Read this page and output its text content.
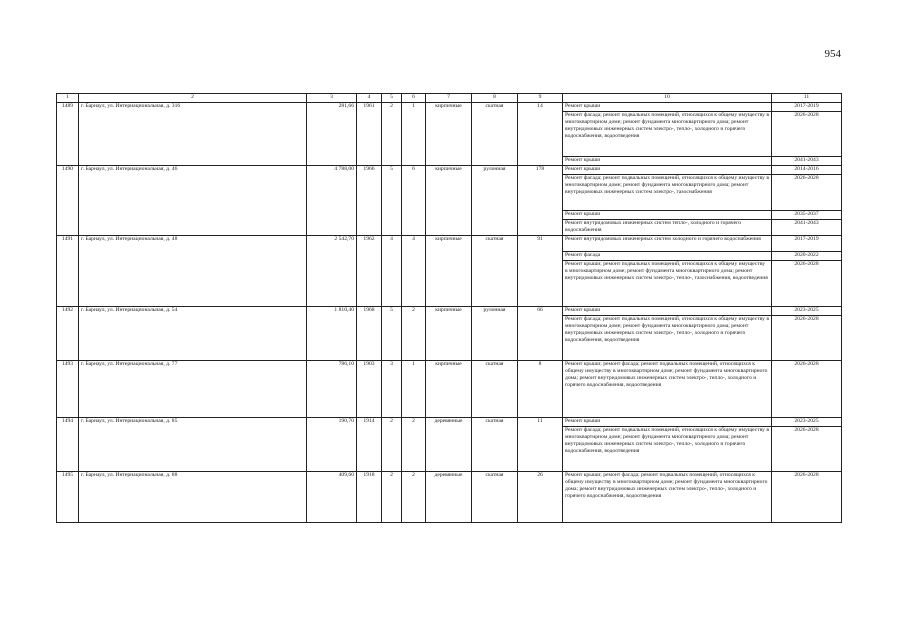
954
1	2	3	4	5	6	7	8	9	10	11
1489	г. Барнаул, ул. Интернациональная, д. 316	281,66	1961	2	1	кирпичные	скатная	14	Ремонт крыши	2017-2019
									Ремонт фасада; ремонт подвальных помещений, относящихся к общему имуществу в многоквартирном доме; ремонт фундамента многоквартирного дома; ремонт внутридомовых инженерных систем электро-, тепло-, холодного и горячего водоснабжения, водоотведения	2026-2028
									Ремонт крыши	2041-2043
1490	г. Барнаул, ул. Интернациональная, д. 46	4 788,00	1966	5	6	кирпичные	рулонная	178	Ремонт крыши	2014-2016
									Ремонт фасада; ремонт подвальных помещений, относящихся к общему имуществу в многоквартирном доме; ремонт фундамента многоквартирного дома; ремонт внутридомовых инженерных систем электро-, газоснабжения	2026-2028
									Ремонт крыши	2035-2037
									Ремонт внутридомовых инженерных систем тепло-, холодного и горячего водоснабжения	2041-2043
1491	г. Барнаул, ул. Интернациональная, д. 48	2 542,70	1962	4	4	кирпичные	скатная	91	Ремонт внутридомовых инженерных систем холодного и горячего водоснабжения	2017-2019
									Ремонт фасада	2020-2022
									Ремонт крыши; ремонт подвальных помещений, относящихся к общему имуществу в многоквартирном доме; ремонт фундамента многоквартирного дома; ремонт внутридомовых инженерных систем электро-, тепло-, газоснабжения, водоотведения	2026-2028
1492	г. Барнаул, ул. Интернациональная, д. 54	1 810,40	1968	5	2	кирпичные	рулонная	66	Ремонт крыши	2023-2025
									Ремонт фасада; ремонт подвальных помещений, относящихся к общему имуществу в многоквартирном доме; ремонт фундамента многоквартирного дома; ремонт внутридомовых инженерных систем электро-, тепло-, холодного и горячего водоснабжения, водоотведения	2026-2028
1493	г. Барнаул, ул. Интернациональная, д. 77	786,10	1903	3	1	кирпичные	скатная	8	Ремонт крыши; ремонт фасада; ремонт подвальных помещений, относящихся к общему имуществу в многоквартирном доме; ремонт фундамента многоквартирного дома; ремонт внутридомовых инженерных систем электро-, тепло-, холодного и горячего водоснабжения, водоотведения	2026-2028
1494	г. Барнаул, ул. Интернациональная, д. 85	190,70	1914	2	2	деревянные	скатная	11	Ремонт крыши	2023-2025
									Ремонт фасада; ремонт подвальных помещений, относящихся к общему имуществу в многоквартирном доме; ремонт фундамента многоквартирного дома; ремонт внутридомовых инженерных систем электро-, тепло-, холодного и горячего водоснабжения, водоотведения	2026-2028
1495	г. Барнаул, ул. Интернациональная, д. 88	409,60	1918	2	2	деревянные	скатная	26	Ремонт крыши; ремонт фасада; ремонт подвальных помещений, относящихся к общему имуществу в многоквартирном доме; ремонт фундамента многоквартирного дома; ремонт внутридомовых инженерных систем электро-, тепло-, холодного и горячего водоснабжения, водоотведения	2026-2028
